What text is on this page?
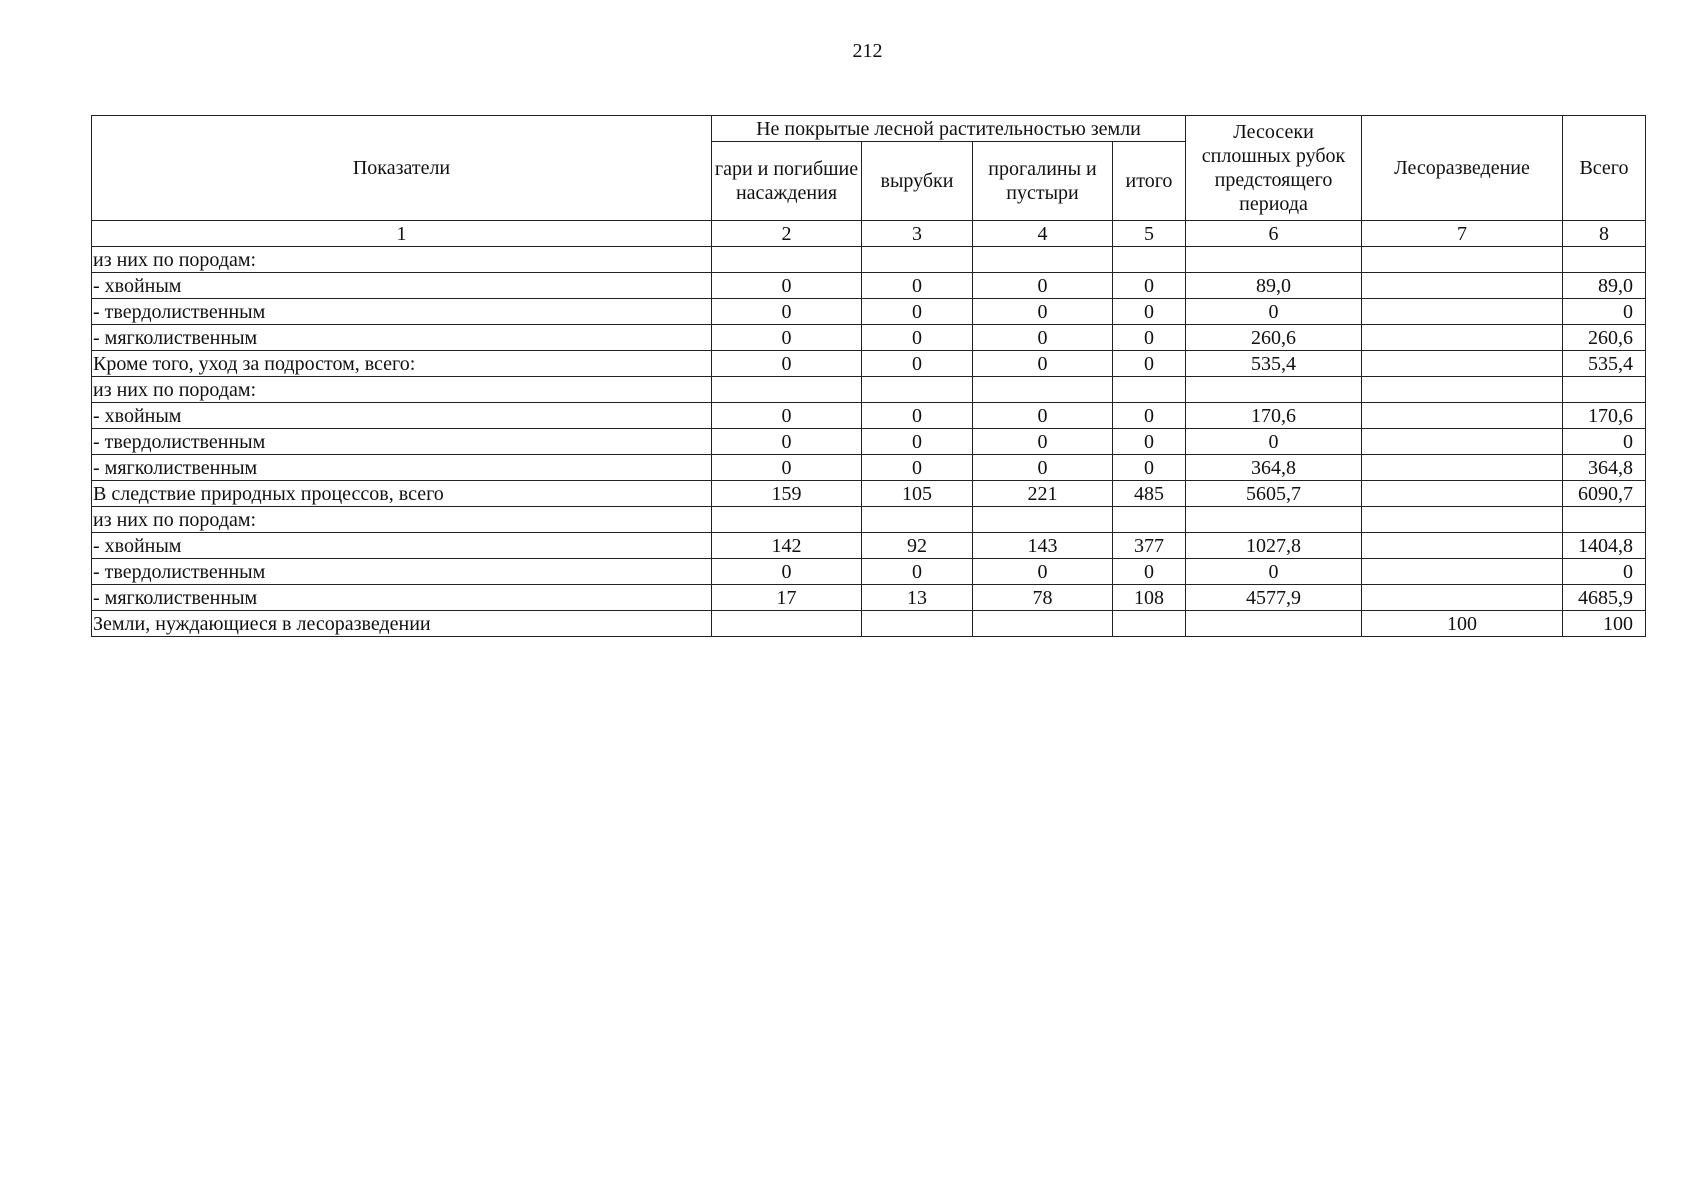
212
Показатели	Не покрытые лесной растительностью земли				Лесосеки сплошных рубок предстоящего периода	Лесоразведение	Всего
	гари и погибшие насаждения	вырубки	прогалины и пустыри	итого			
1	2	3	4	5	6	7	8
из них по породам:							
- хвойным	0	0	0	0	89,0		89,0
- твердолиственным	0	0	0	0	0		0
- мягколиственным	0	0	0	0	260,6		260,6
Кроме того, уход за подростом, всего:	0	0	0	0	535,4		535,4
из них по породам:							
- хвойным	0	0	0	0	170,6		170,6
- твердолиственным	0	0	0	0	0		0
- мягколиственным	0	0	0	0	364,8		364,8
В следствие природных процессов, всего	159	105	221	485	5605,7		6090,7
из них по породам:							
- хвойным	142	92	143	377	1027,8		1404,8
- твердолиственным	0	0	0	0	0		0
- мягколиственным	17	13	78	108	4577,9		4685,9
Земли, нуждающиеся в лесоразведении						100	100
